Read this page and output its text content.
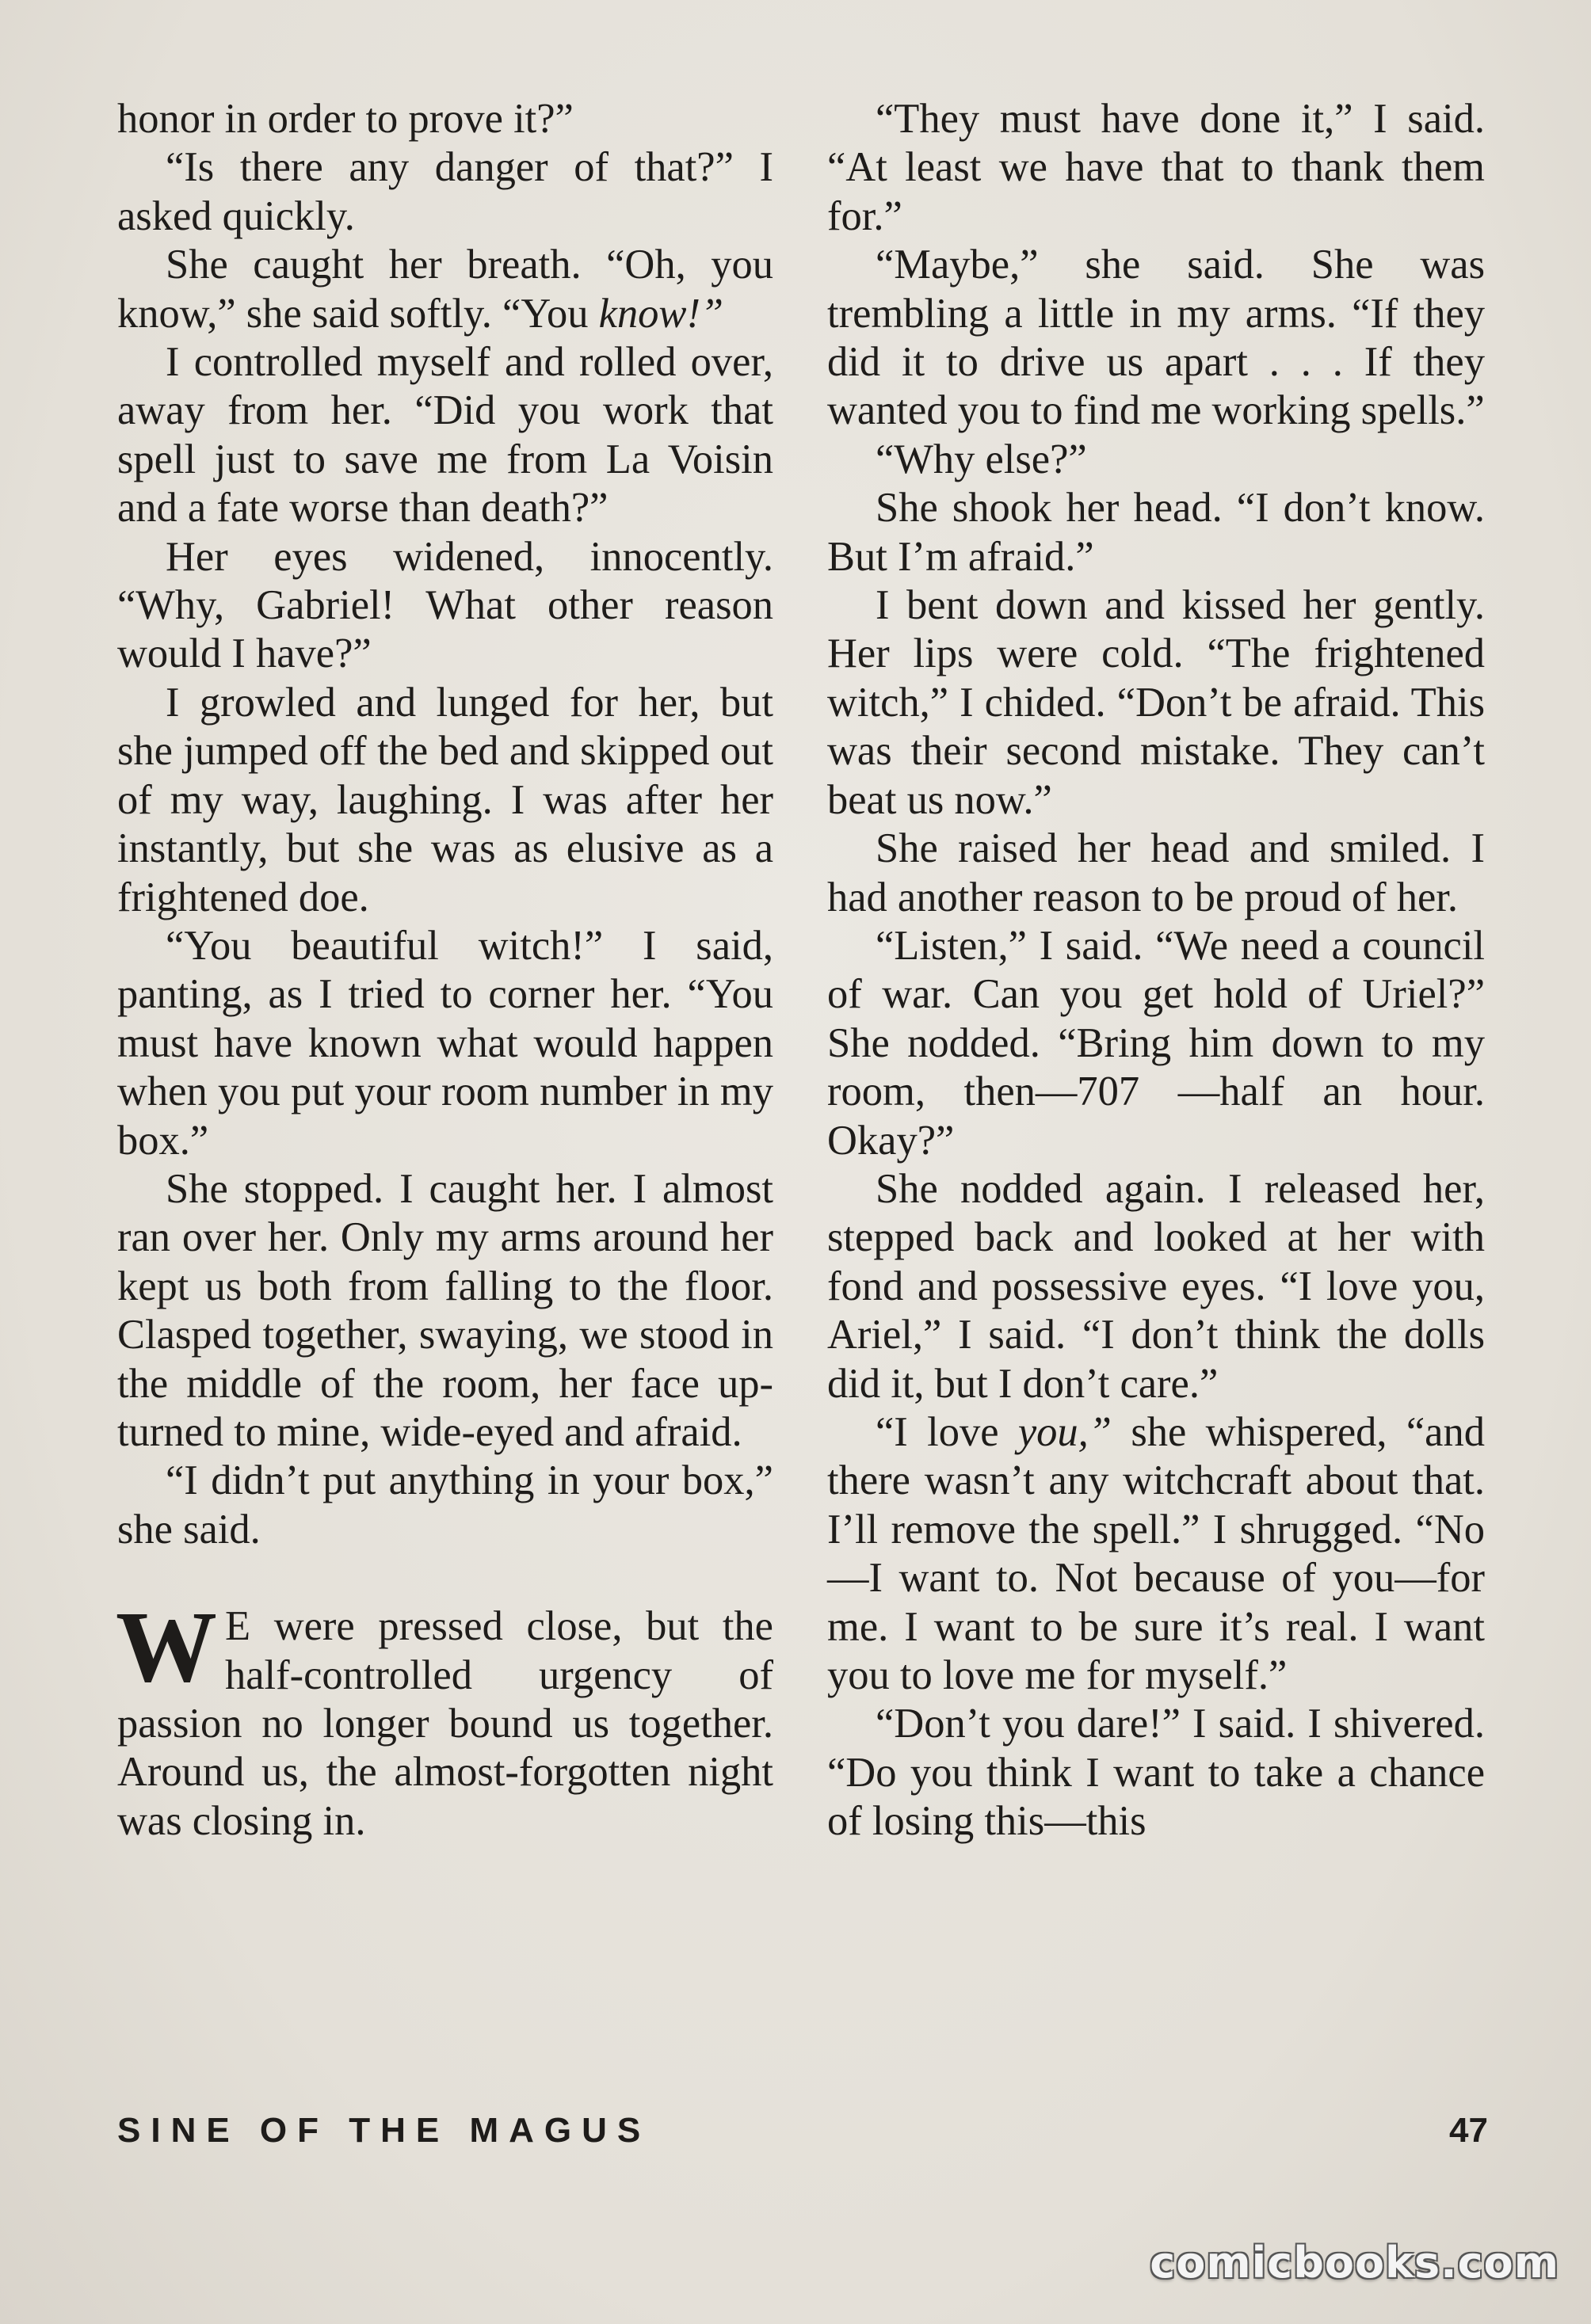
honor in order to prove it?”

“Is there any danger of that?” I asked quickly.

She caught her breath. “Oh, you know,” she said softly. “You know!”

I controlled myself and rolled over, away from her. “Did you work that spell just to save me from La Voisin and a fate worse than death?”

Her eyes widened, innocently. “Why, Gabriel! What other reason would I have?”

I growled and lunged for her, but she jumped off the bed and skipped out of my way, laughing. I was after her instantly, but she was as elusive as a frightened doe.

“You beautiful witch!” I said, panting, as I tried to corner her. “You must have known what would happen when you put your room number in my box.”

She stopped. I caught her. I almost ran over her. Only my arms around her kept us both from falling to the floor. Clasped together, swaying, we stood in the middle of the room, her face upturned to mine, wide-eyed and afraid.

“I didn’t put anything in your box,” she said.

W E were pressed close, but the half-controlled urgency of passion no longer bound us together. Around us, the almost-forgotten night was closing in.

“They must have done it,” I said. “At least we have that to thank them for.”

“Maybe,” she said. She was trembling a little in my arms. “If they did it to drive us apart . . . If they wanted you to find me working spells.”

“Why else?”

She shook her head. “I don’t know. But I’m afraid.”

I bent down and kissed her gently. Her lips were cold. “The frightened witch,” I chided. “Don’t be afraid. This was their second mistake. They can’t beat us now.”

She raised her head and smiled. I had another reason to be proud of her.

“Listen,” I said. “We need a council of war. Can you get hold of Uriel?” She nodded. “Bring him down to my room, then—707 —half an hour. Okay?”

She nodded again. I released her, stepped back and looked at her with fond and possessive eyes. “I love you, Ariel,” I said. “I don’t think the dolls did it, but I don’t care.”

“I love you,” she whispered, “and there wasn’t any witchcraft about that. I’ll remove the spell.” I shrugged. “No—I want to. Not because of you—for me. I want to be sure it’s real. I want you to love me for myself.”

“Don’t you dare!” I said. I shivered. “Do you think I want to take a chance of losing this—this

SINE OF THE MAGUS	47
comicbooks.com
